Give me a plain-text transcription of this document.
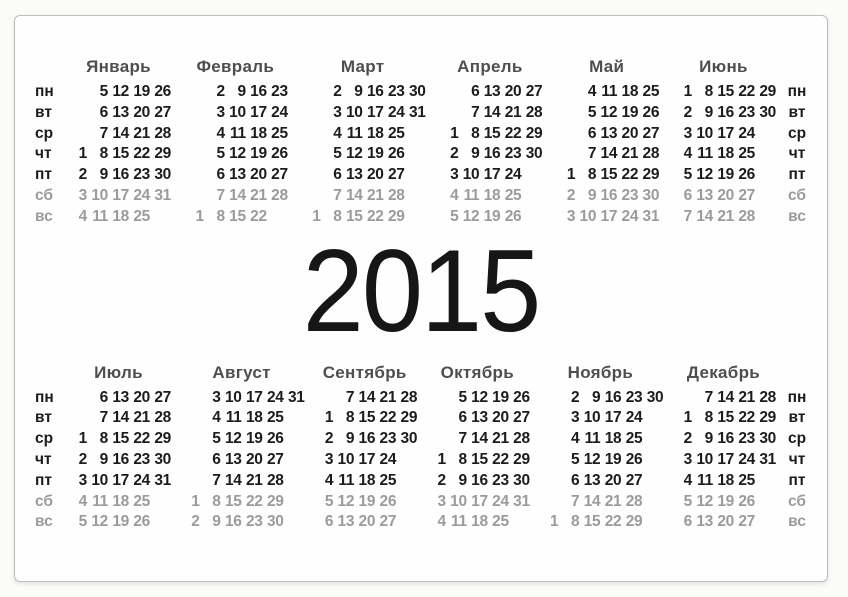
пн
вт
ср
чт
пт
сб
вс
Январь
5 12 19 26
6 13 20 27
7 14 21 28
1 8 15 22 29
2 9 16 23 30
3 10 17 24 31
4 11 18 25
Февраль
2 9 16 23
3 10 17 24
4 11 18 25
5 12 19 26
6 13 20 27
7 14 21 28
1 8 15 22
Март
2 9 16 23 30
3 10 17 24 31
4 11 18 25
5 12 19 26
6 13 20 27
7 14 21 28
1 8 15 22 29
Апрель
6 13 20 27
7 14 21 28
1 8 15 22 29
2 9 16 23 30
3 10 17 24
4 11 18 25
5 12 19 26
Май
4 11 18 25
5 12 19 26
6 13 20 27
7 14 21 28
1 8 15 22 29
2 9 16 23 30
3 10 17 24 31
Июнь
1 8 15 22 29
2 9 16 23 30
3 10 17 24
4 11 18 25
5 12 19 26
6 13 20 27
7 14 21 28
пн
вт
ср
чт
пт
сб
вс
2015
пн
вт
ср
чт
пт
сб
вс
Июль
6 13 20 27
7 14 21 28
1 8 15 22 29
2 9 16 23 30
3 10 17 24 31
4 11 18 25
5 12 19 26
Август
3 10 17 24 31
4 11 18 25
5 12 19 26
6 13 20 27
7 14 21 28
1 8 15 22 29
2 9 16 23 30
Сентябрь
7 14 21 28
1 8 15 22 29
2 9 16 23 30
3 10 17 24
4 11 18 25
5 12 19 26
6 13 20 27
Октябрь
5 12 19 26
6 13 20 27
7 14 21 28
1 8 15 22 29
2 9 16 23 30
3 10 17 24 31
4 11 18 25
Ноябрь
2 9 16 23 30
3 10 17 24
4 11 18 25
5 12 19 26
6 13 20 27
7 14 21 28
1 8 15 22 29
Декабрь
7 14 21 28
1 8 15 22 29
2 9 16 23 30
3 10 17 24 31
4 11 18 25
5 12 19 26
6 13 20 27
пн
вт
ср
чт
пт
сб
вс
